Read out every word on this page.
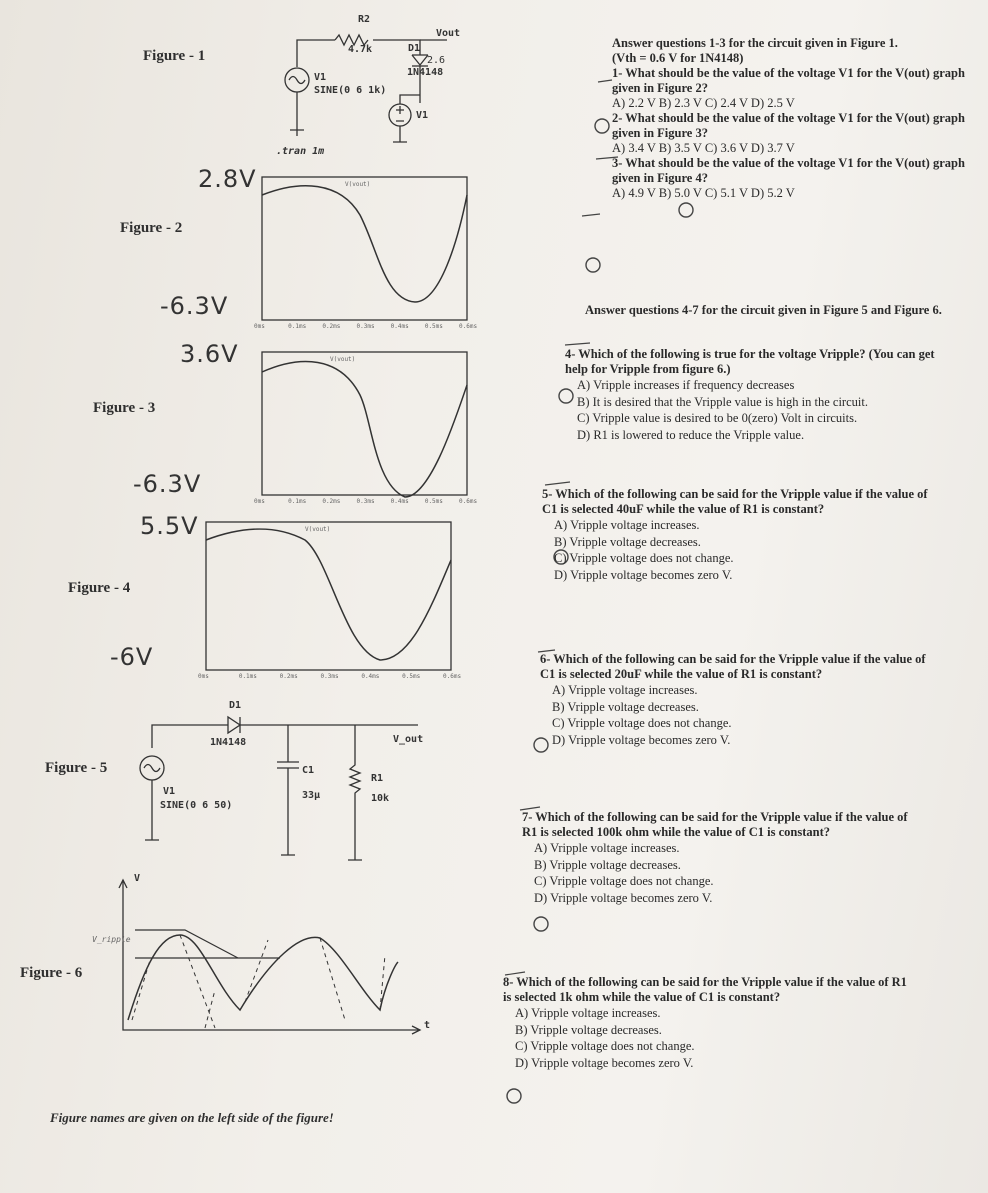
Figure - 1
Figure - 2
Figure - 3
Figure - 4
Figure - 5
Figure - 6
R2
4.7k
V1
SINE(0 6 1k)
D1
2.6
1N4148
Vout
V1
.tran 1m
2.8V
-6.3V
V(vout)
0ms	0.1ms	0.2ms	0.3ms	0.4ms	0.5ms	0.6ms
3.6V
-6.3V
V(vout)
0ms	0.1ms	0.2ms	0.3ms	0.4ms	0.5ms	0.6ms
5.5V
-6V
V(vout)
0ms	0.1ms	0.2ms	0.3ms	0.4ms	0.5ms	0.6ms
D1
1N4148
V1
SINE(0 6 50)
C1
33µ
R1
10k
V_out
V
V_ripple
t
Figure names are given on the left side of the figure!
Answer questions 1-3 for the circuit given in Figure 1.
(Vth = 0.6 V for 1N4148)
1- What should be the value of the voltage V1 for the V(out) graph given in Figure 2?
A) 2.2 V B) 2.3 V C) 2.4 V D) 2.5 V
2- What should be the value of the voltage V1 for the V(out) graph given in Figure 3?
A) 3.4 V B) 3.5 V C) 3.6 V D) 3.7 V
3- What should be the value of the voltage V1 for the V(out) graph given in Figure 4?
A) 4.9 V B) 5.0 V C) 5.1 V D) 5.2 V
Answer questions 4-7 for the circuit given in Figure 5 and Figure 6.
4- Which of the following is true for the voltage Vripple? (You can get help for Vripple from figure 6.)
A) Vripple increases if frequency decreases
B) It is desired that the Vripple value is high in the circuit.
C) Vripple value is desired to be 0(zero) Volt in circuits.
D) R1 is lowered to reduce the Vripple value.
5- Which of the following can be said for the Vripple value if the value of C1 is selected 40uF while the value of R1 is constant?
A) Vripple voltage increases.
B) Vripple voltage decreases.
C) Vripple voltage does not change.
D) Vripple voltage becomes zero V.
6- Which of the following can be said for the Vripple value if the value of C1 is selected 20uF while the value of R1 is constant?
A) Vripple voltage increases.
B) Vripple voltage decreases.
C) Vripple voltage does not change.
D) Vripple voltage becomes zero V.
7- Which of the following can be said for the Vripple value if the value of R1 is selected 100k ohm while the value of C1 is constant?
A) Vripple voltage increases.
B) Vripple voltage decreases.
C) Vripple voltage does not change.
D) Vripple voltage becomes zero V.
8- Which of the following can be said for the Vripple value if the value of R1 is selected 1k ohm while the value of C1 is constant?
A) Vripple voltage increases.
B) Vripple voltage decreases.
C) Vripple voltage does not change.
D) Vripple voltage becomes zero V.
